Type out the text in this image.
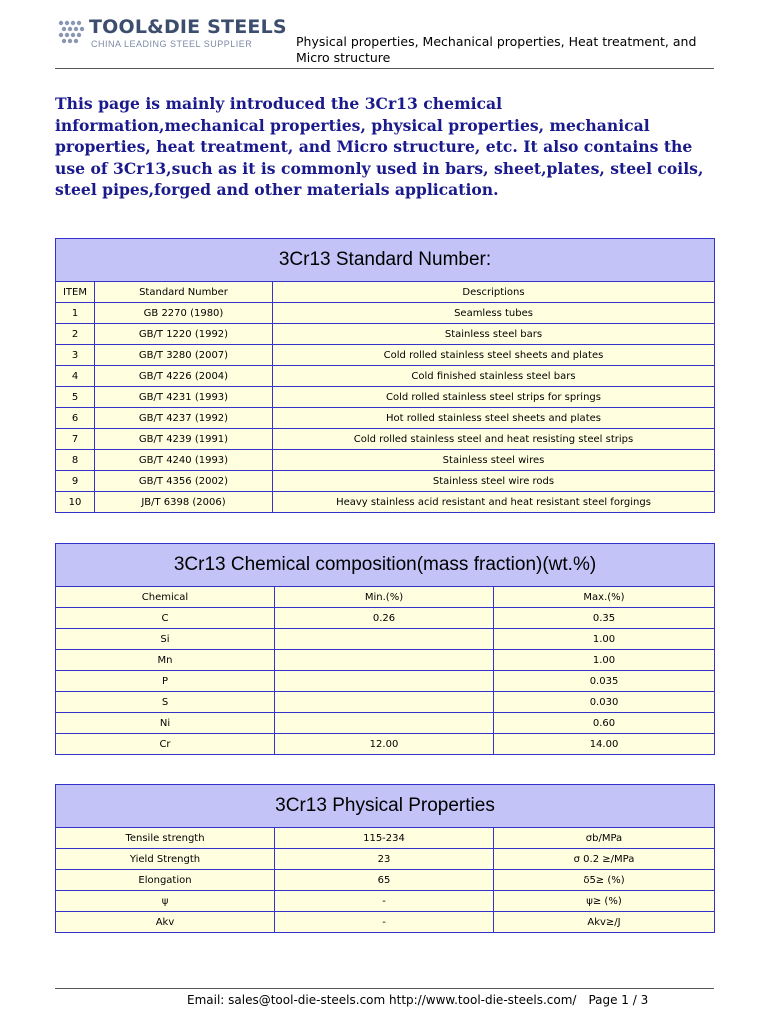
TOOL&DIE STEELS
CHINA LEADING STEEL SUPPLIER	Physical properties, Mechanical properties, Heat treatment, and Micro structure

This page is mainly introduced the 3Cr13 chemical information,mechanical properties, physical properties, mechanical properties, heat treatment, and Micro structure, etc. It also contains the use of 3Cr13,such as it is commonly used in bars, sheet,plates, steel coils, steel pipes,forged and other materials application.

3Cr13 Standard Number:		
ITEM	Standard Number	Descriptions
1	GB 2270 (1980)	Seamless tubes
2	GB/T 1220 (1992)	Stainless steel bars
3	GB/T 3280 (2007)	Cold rolled stainless steel sheets and plates
4	GB/T 4226 (2004)	Cold finished stainless steel bars
5	GB/T 4231 (1993)	Cold rolled stainless steel strips for springs
6	GB/T 4237 (1992)	Hot rolled stainless steel sheets and plates
7	GB/T 4239 (1991)	Cold rolled stainless steel and heat resisting steel strips
8	GB/T 4240 (1993)	Stainless steel wires
9	GB/T 4356 (2002)	Stainless steel wire rods
10	JB/T 6398 (2006)	Heavy stainless acid resistant and heat resistant steel forgings
3Cr13 Chemical composition(mass fraction)(wt.%)		
Chemical	Min.(%)	Max.(%)
C	0.26	0.35
Si		1.00
Mn		1.00
P		0.035
S		0.030
Ni		0.60
Cr	12.00	14.00
3Cr13 Physical Properties		
Tensile strength	115-234	σb/MPa
Yield Strength	23	σ 0.2 ≥/MPa
Elongation	65	δ5≥ (%)
ψ	-	ψ≥ (%)
Akv	-	Akv≥/J
Email: sales@tool-die-steels.com http://www.tool-die-steels.com/ Page 1 / 3
